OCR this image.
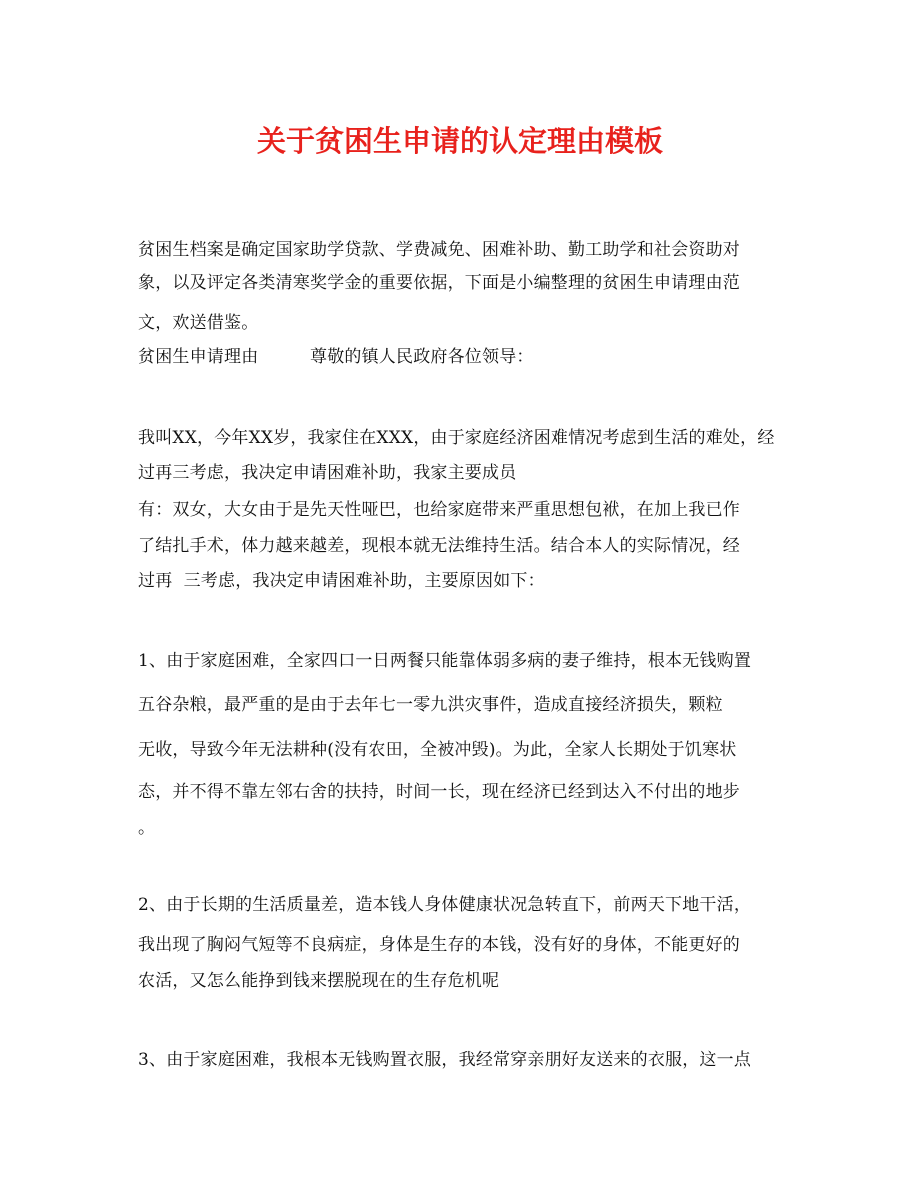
关于贫困生申请的认定理由模板

贫困生档案是确定国家助学贷款、学费减免、困难补助、勤工助学和社会资助对

象，以及评定各类清寒奖学金的重要依据，下面是小编整理的贫困生申请理由范

文，欢送借鉴。

贫困生申请理由　　　尊敬的镇人民政府各位领导：

我叫XX，今年XX岁，我家住在XXX，由于家庭经济困难情况考虑到生活的难处，经

过再三考虑，我决定申请困难补助，我家主要成员

有：双女，大女由于是先天性哑巴，也给家庭带来严重思想包袱，在加上我已作

了结扎手术，体力越来越差，现根本就无法维持生活。结合本人的实际情况，经

过再  三考虑，我决定申请困难补助，主要原因如下：

1、由于家庭困难，全家四口一日两餐只能靠体弱多病的妻子维持，根本无钱购置

五谷杂粮，最严重的是由于去年七一零九洪灾事件，造成直接经济损失，颗粒

无收，导致今年无法耕种(没有农田，全被冲毁)。为此，全家人长期处于饥寒状

态，并不得不靠左邻右舍的扶持，时间一长，现在经济已经到达入不付出的地步

。

2、由于长期的生活质量差，造本钱人身体健康状况急转直下，前两天下地干活，

我出现了胸闷气短等不良病症，身体是生存的本钱，没有好的身体，不能更好的

农活，又怎么能挣到钱来摆脱现在的生存危机呢

3、由于家庭困难，我根本无钱购置衣服，我经常穿亲朋好友送来的衣服，这一点
